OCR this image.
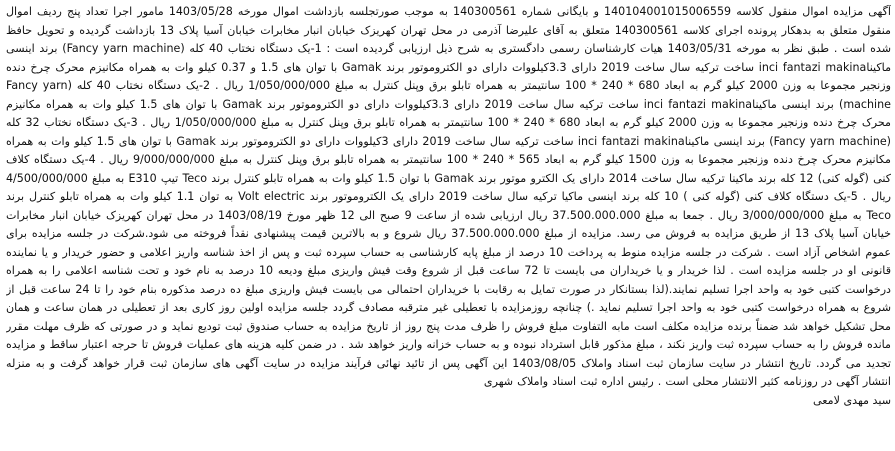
آگهی مزایده اموال منقول کلاسه 140104001015006559 و بایگانی شماره 140300561 به موجب صورتجلسه بازداشت اموال مورخه 1403/05/28 مامور اجرا تعداد پنج ردیف اموال منقول متعلق به بدهکار پرونده اجرای کلاسه 140300561 متعلق به آقای علیرضا آذرمی در محل تهران کهریزک خیابان انبار مخابرات خیابان آسیا پلاک 13 بازداشت گردیده و تحویل حافظ شده است . طبق نظر به مورخه 1403/05/31 هیات کارشناسان رسمی دادگستری به شرح ذیل ارزیابی گردیده است : 1-یک دستگاه نختاب 40 کله (Fancy yarn machine) برند اینسی ماکیناinci fantazi makina ساخت ترکیه سال ساخت 2019 دارای 3.3کیلووات دارای دو الکتروموتور برند Gamak با توان های 1.5 و 0.37 کیلو وات به همراه مکانیزم محرک چرخ دنده وزنجیر مجموعا به وزن 2000 کیلو گرم به ابعاد 680 * 240 * 100 سانتیمتر به همراه تابلو برق وپنل کنترل به مبلغ 1/050/000/000 ریال . 2-یک دستگاه نختاب 40 کله (Fancy yarn machine) برند اینسی ماکیناinci fantazi makina ساخت ترکیه سال ساخت 2019 دارای 3.3کیلووات دارای دو الکتروموتور برند Gamak با توان های 1.5 کیلو وات به همراه مکانیزم محرک چرخ دنده وزنجیر مجموعا به وزن 2000 کیلو گرم به ابعاد 680 * 240 * 100 سانتیمتر به همراه تابلو برق وپنل کنترل به مبلغ 1/050/000/000 ریال . 3-یک دستگاه نختاب 32 کله (Fancy yarn machine) برند اینسی ماکیناinci fantazi makina ساخت ترکیه سال ساخت 2019 دارای 3کیلووات دارای دو الکتروموتور برند Gamak با توان های 1.5 کیلو وات به همراه مکانیزم محرک چرخ دنده وزنجیر مجموعا به وزن 1500 کیلو گرم به ابعاد 565 * 240 * 100 سانتیمتر به همراه تابلو برق وپنل کنترل به مبلغ 9/000/000/000 ریال . 4-یک دستگاه کلاف کنی (گوله کنی) 12 کله برند ماکینا ترکیه سال ساخت 2014 دارای یک الکترو موتور برند Gamak با توان 1.5 کیلو وات به همراه تابلو کنترل برند Teco تیپ E310 به مبلغ 4/500/000/000 ریال . 5-یک دستگاه کلاف کنی (گوله کنی ) 10 کله برند اینسی ماکیا ترکیه سال ساخت 2019 دارای یک الکتروموتور برند Volt electric به توان 1.1 کیلو وات به همراه تابلو کنترل برند Teco به مبلغ 3/000/000/000 ریال . جمعا به مبلغ 37.500.000.000 ریال ارزیابی شده از ساعت 9 صبح الی 12 ظهر مورخ 1403/08/19 در محل تهران کهریزک خیابان انبار مخابرات خیابان آسیا پلاک 13 از طریق مزایده به فروش می رسد. مزایده از مبلغ 37.500.000.000 ریال شروع و به بالاترین قیمت پیشنهادی نقداً فروخته می شود.شرکت در جلسه مزایده برای عموم اشخاص آزاد است . شرکت در جلسه مزایده منوط به پرداخت 10 درصد از مبلغ پایه کارشناسی به حساب سپرده ثبت و پس از اخذ شناسه واریز اعلامی و حضور خریدار و یا نماینده قانونی او در جلسه مزایده است . لذا خریدار و یا خریداران می بایست تا 72 ساعت قبل از شروع وقت فیش واریزی مبلغ ودیعه 10 درصد به نام خود و تحت شناسه اعلامی را به همراه درخواست کتبی خود به واحد اجرا تسلیم نمایند.(لذا بستانکار در صورت تمایل به رقابت با خریداران احتمالی می بایست فیش واریزی مبلغ ده درصد مذکوره بنام خود را تا 24 ساعت قبل از شروع به همراه درخواست کتبی خود به واحد اجرا تسلیم نماید .) چنانچه روزمزایده با تعطیلی غیر مترقبه مصادف گردد جلسه مزایده اولین روز کاری بعد از تعطیلی در همان ساعت و همان محل تشکیل خواهد شد ضمناً برنده مزایده مکلف است مابه التفاوت مبلغ فروش را ظرف مدت پنج روز از تاریخ مزایده به حساب صندوق ثبت تودیع نماید و در صورتی که ظرف مهلت مقرر مانده فروش را به حساب سپرده ثبت واریز نکند ، مبلغ مذکور قابل استرداد نبوده و به حساب خزانه واریز خواهد شد . در ضمن کلیه هزینه های عملیات فروش تا حرجه اعتبار ساقط و مزایده تجدید می گردد. تاریخ انتشار در سایت سازمان ثبت اسناد واملاک 1403/08/05 این آگهی پس از تائید نهائی فرآیند مزایده در سایت آگهی های سازمان ثبت قرار خواهد گرفت و به منزله انتشار آگهی در روزنامه کثیر الانتشار محلی است . رئیس اداره ثبت اسناد واملاک شهری

سید مهدی لامعی
